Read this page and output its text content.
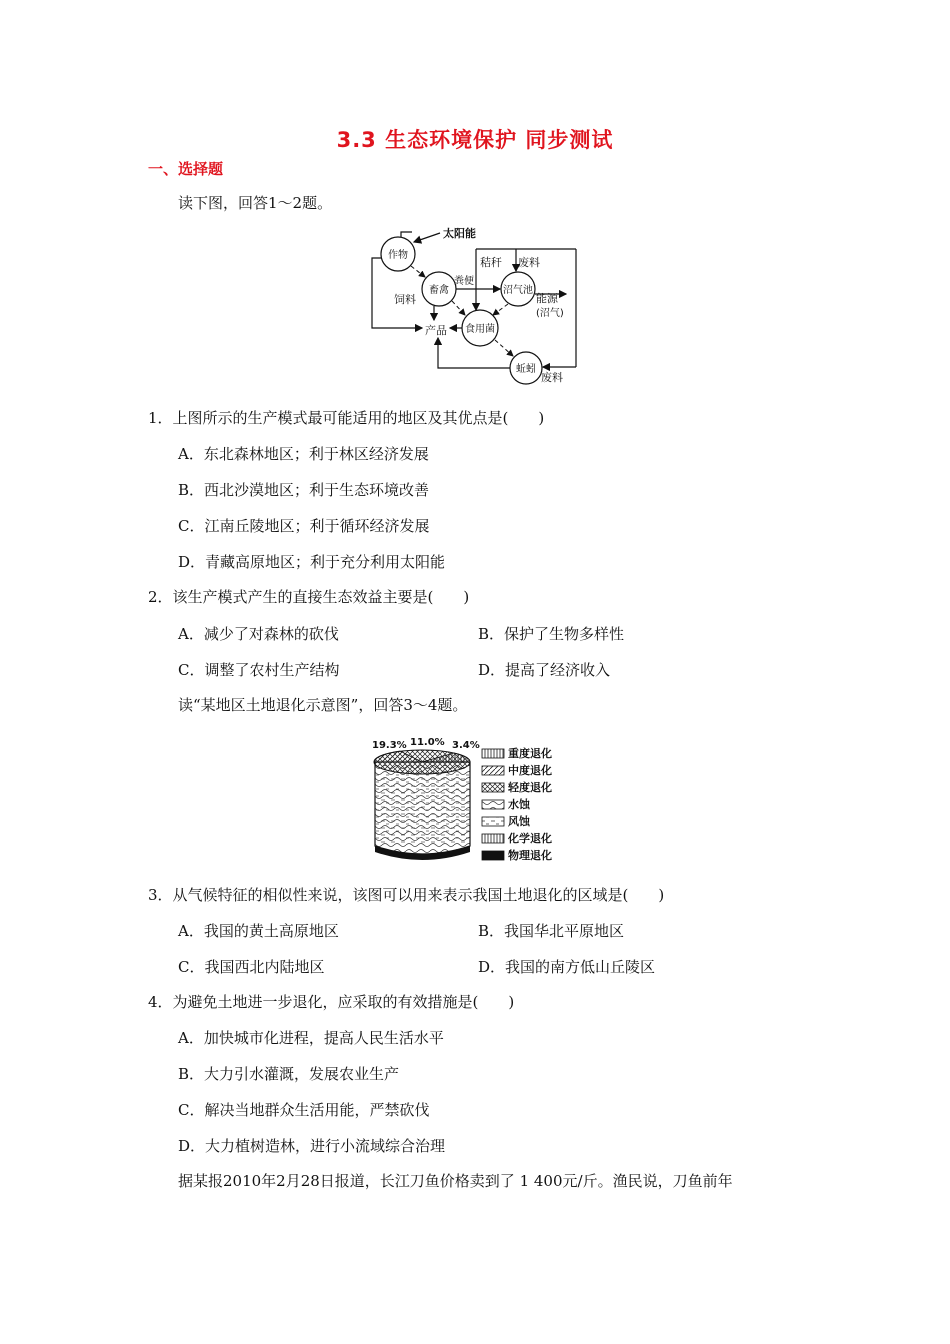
3.3 生态环境保护 同步测试
一、选择题
读下图，回答1～2题。
太阳能
作物
畜禽	沼气池
食用菌
蚯蚓
秸秆 废料
粪便
饲料	能源
(沼气)
产品
废料
1．上图所示的生产模式最可能适用的地区及其优点是(　　)
A．东北森林地区；利于林区经济发展
B．西北沙漠地区；利于生态环境改善
C．江南丘陵地区；利于循环经济发展
D．青藏高原地区；利于充分利用太阳能
2．该生产模式产生的直接生态效益主要是(　　)
A．减少了对森林的砍伐	B．保护了生物多样性
C．调整了农村生产结构	D．提高了经济收入
读“某地区土地退化示意图”，回答3～4题。
19.3% 11.0% 3.4%
重度退化
中度退化
轻度退化
水蚀
风蚀
化学退化
物理退化
3．从气候特征的相似性来说，该图可以用来表示我国土地退化的区域是(　　)
A．我国的黄土高原地区	B．我国华北平原地区
C．我国西北内陆地区	D．我国的南方低山丘陵区
4．为避免土地进一步退化，应采取的有效措施是(　　)
A．加快城市化进程，提高人民生活水平
B．大力引水灌溉，发展农业生产
C．解决当地群众生活用能，严禁砍伐
D．大力植树造林，进行小流域综合治理
据某报2010年2月28日报道，长江刀鱼价格卖到了 1 400元/斤。渔民说，刀鱼前年
